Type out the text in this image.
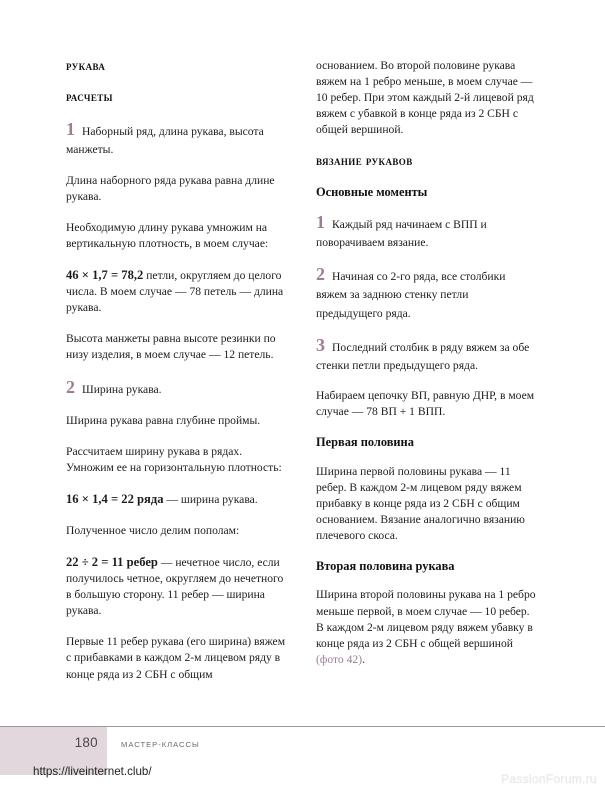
рукава
расчеты
1 Наборный ряд, длина рукава, высота манжеты.

Длина наборного ряда рукава равна длине рукава.

Необходимую длину рукава умножим на вертикальную плотность, в моем случае:

46 × 1,7 = 78,2 петли, округляем до целого числа. В моем случае — 78 петель — длина рукава.

Высота манжеты равна высоте резинки по низу изделия, в моем случае — 12 петель.

2 Ширина рукава.

Ширина рукава равна глубине проймы.

Рассчитаем ширину рукава в рядах. Умножим ее на горизонтальную плотность:

16 × 1,4 = 22 ряда — ширина рукава.

Полученное число делим пополам:

22 ÷ 2 = 11 ребер — нечетное число, если получилось четное, округляем до нечетного в большую сторону. 11 ребер — ширина рукава.

Первые 11 ребер рукава (его ширина) вяжем с прибавками в каждом 2-м лицевом ряду в конце ряда из 2 СБН с общим

основанием. Во второй половине рукава вяжем на 1 ребро меньше, в моем случае — 10 ребер. При этом каждый 2-й лицевой ряд вяжем с убавкой в конце ряда из 2 СБН с общей вершиной.

вязание рукавов
Основные моменты
1 Каждый ряд начинаем с ВПП и поворачиваем вязание.
2 Начиная со 2-го ряда, все столбики вяжем за заднюю стенку петли предыдущего ряда.
3 Последний столбик в ряду вяжем за обе стенки петли предыдущего ряда.

Набираем цепочку ВП, равную ДНР, в моем случае — 78 ВП + 1 ВПП.

Первая половина

Ширина первой половины рукава — 11 ребер. В каждом 2-м лицевом ряду вяжем прибавку в конце ряда из 2 СБН с общим основанием. Вязание аналогично вязанию плечевого скоса.

Вторая половина рукава

Ширина второй половины рукава на 1 ребро меньше первой, в моем случае — 10 ребер. В каждом 2-м лицевом ряду вяжем убавку в конце ряда из 2 СБН с общей вершиной (фото 42).

180	МАСТЕР-КЛАССЫ
https://liveinternet.club/
PassionForum.ru
